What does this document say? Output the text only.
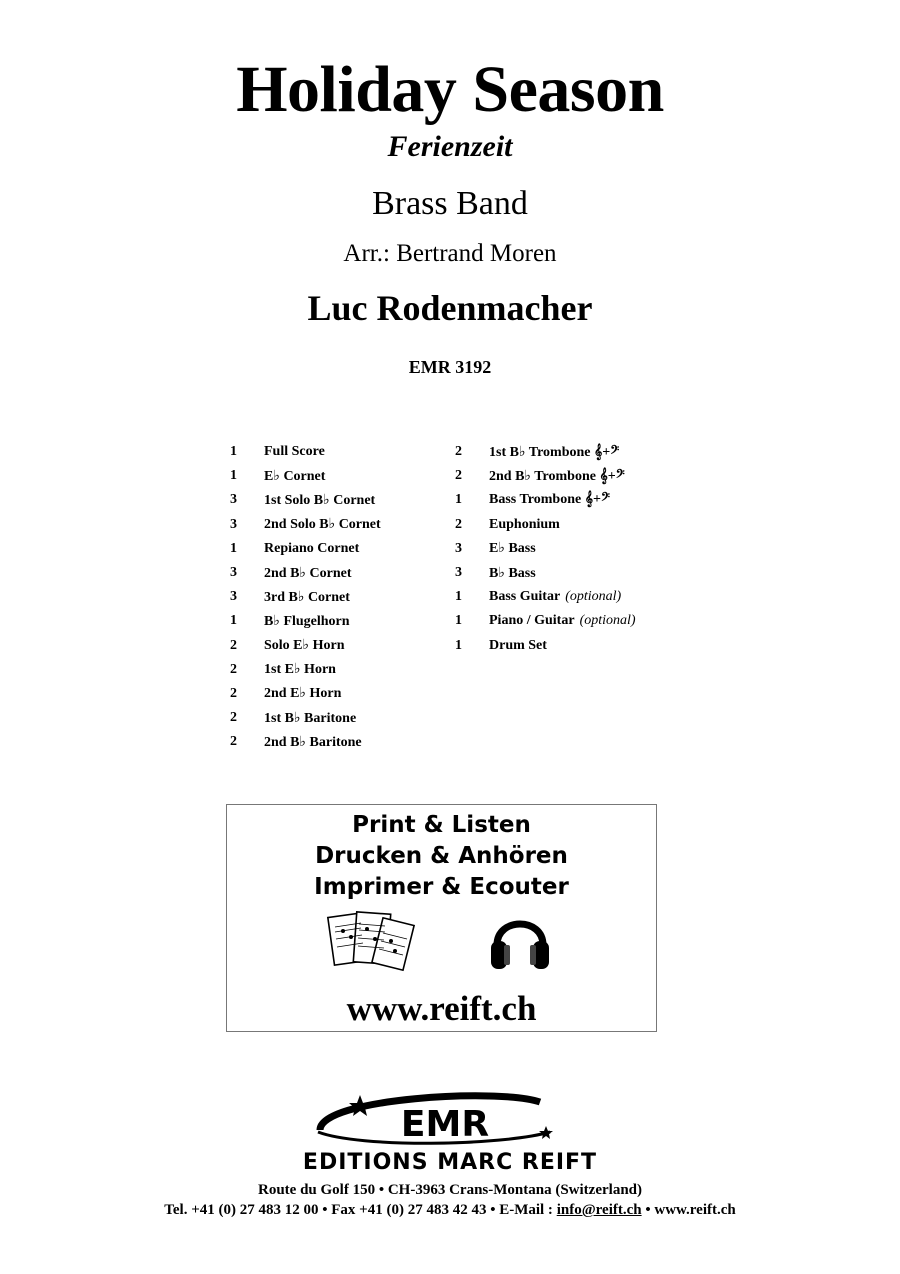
Holiday Season
Ferienzeit
Brass Band
Arr.: Bertrand Moren
Luc Rodenmacher
EMR 3192
1	Full Score
1	E♭ Cornet
3	1st Solo B♭ Cornet
3	2nd Solo B♭ Cornet
1	Repiano Cornet
3	2nd B♭ Cornet
3	3rd B♭ Cornet
1	B♭ Flugelhorn
2	Solo E♭ Horn
2	1st E♭ Horn
2	2nd E♭ Horn
2	1st B♭ Baritone
2	2nd B♭ Baritone
2	1st B♭ Trombone 𝄞+𝄢
2	2nd B♭ Trombone 𝄞+𝄢
1	Bass Trombone 𝄞+𝄢
2	Euphonium
3	E♭ Bass
3	B♭ Bass
1	Bass Guitar (optional)
1	Piano / Guitar (optional)
1	Drum Set
Print & Listen
Drucken & Anhören
Imprimer & Ecouter
www.reift.ch
EMR
EDITIONS MARC REIFT
Route du Golf 150 • CH-3963 Crans-Montana (Switzerland)
Tel. +41 (0) 27 483 12 00 • Fax +41 (0) 27 483 42 43 • E-Mail : info@reift.ch • www.reift.ch
